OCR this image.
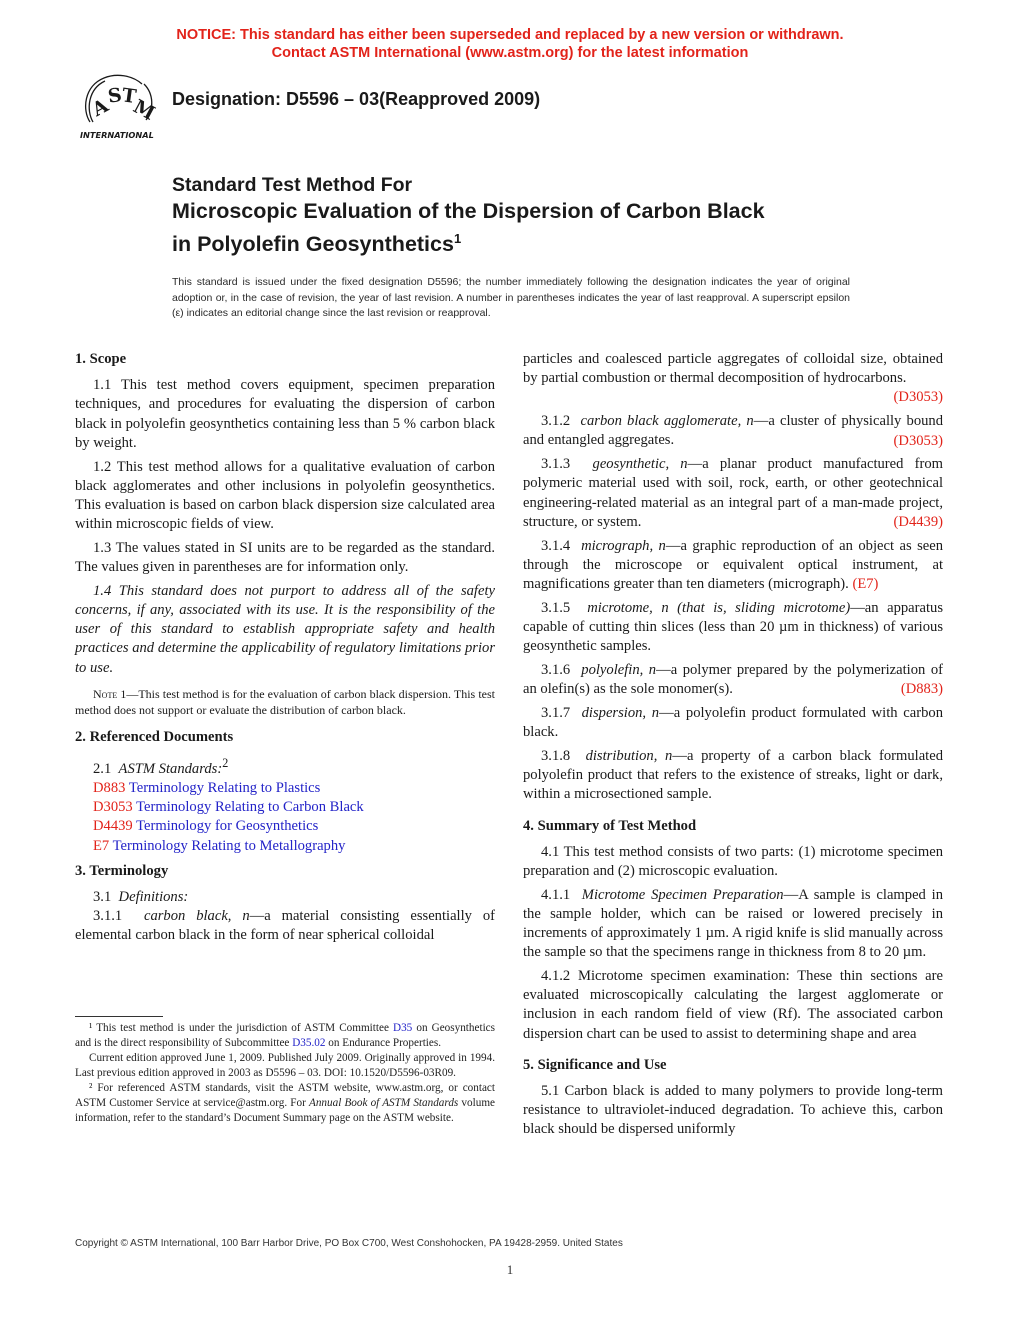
NOTICE: This standard has either been superseded and replaced by a new version or withdrawn.
Contact ASTM International (www.astm.org) for the latest information
A
S
T
M
INTERNATIONAL
Designation: D5596 – 03(Reapproved 2009)
Standard Test Method For
Microscopic Evaluation of the Dispersion of Carbon Black
in Polyolefin Geosynthetics$^1$
This standard is issued under the fixed designation D5596; the number immediately following the designation indicates the year of original adoption or, in the case of revision, the year of last revision. A number in parentheses indicates the year of last reapproval. A superscript epsilon (ε) indicates an editorial change since the last revision or reapproval.

1. Scope

1.1 This test method covers equipment, specimen preparation techniques, and procedures for evaluating the dispersion of carbon black in polyolefin geosynthetics containing less than 5 % carbon black by weight.

1.2 This test method allows for a qualitative evaluation of carbon black agglomerates and other inclusions in polyolefin geosynthetics. This evaluation is based on carbon black dispersion size calculated area within microscopic fields of view.

1.3 The values stated in SI units are to be regarded as the standard. The values given in parentheses are for information only.

1.4 This standard does not purport to address all of the safety concerns, if any, associated with its use. It is the responsibility of the user of this standard to establish appropriate safety and health practices and determine the applicability of regulatory limitations prior to use.

Note 1—This test method is for the evaluation of carbon black dispersion. This test method does not support or evaluate the distribution of carbon black.

2. Referenced Documents

2.1 ASTM Standards:$^2$

D883 Terminology Relating to Plastics

D3053 Terminology Relating to Carbon Black

D4439 Terminology for Geosynthetics

E7 Terminology Relating to Metallography

3. Terminology

3.1 Definitions:

3.1.1 carbon black, n—a material consisting essentially of elemental carbon black in the form of near spherical colloidal

¹ This test method is under the jurisdiction of ASTM Committee D35 on Geosynthetics and is the direct responsibility of Subcommittee D35.02 on Endurance Properties.

Current edition approved June 1, 2009. Published July 2009. Originally approved in 1994. Last previous edition approved in 2003 as D5596 – 03. DOI: 10.1520/D5596-03R09.

² For referenced ASTM standards, visit the ASTM website, www.astm.org, or contact ASTM Customer Service at service@astm.org. For Annual Book of ASTM Standards volume information, refer to the standard’s Document Summary page on the ASTM website.

particles and coalesced particle aggregates of colloidal size, obtained by partial combustion or thermal decomposition of hydrocarbons.
(D3053)

3.1.2 carbon black agglomerate, n—a cluster of physically bound and entangled aggregates.	(D3053)

3.1.3 geosynthetic, n—a planar product manufactured from polymeric material used with soil, rock, earth, or other geotechnical engineering-related material as an integral part of a man-made project, structure, or system.	(D4439)

3.1.4 micrograph, n—a graphic reproduction of an object as seen through the microscope or equivalent optical instrument, at magnifications greater than ten diameters (micrograph). (E7)

3.1.5 microtome, n (that is, sliding microtome)—an apparatus capable of cutting thin slices (less than 20 µm in thickness) of various geosynthetic samples.

3.1.6 polyolefin, n—a polymer prepared by the polymerization of an olefin(s) as the sole monomer(s).	(D883)

3.1.7 dispersion, n—a polyolefin product formulated with carbon black.

3.1.8 distribution, n—a property of a carbon black formulated polyolefin product that refers to the existence of streaks, light or dark, within a microsectioned sample.

4. Summary of Test Method

4.1 This test method consists of two parts: (1) microtome specimen preparation and (2) microscopic evaluation.

4.1.1 Microtome Specimen Preparation—A sample is clamped in the sample holder, which can be raised or lowered precisely in increments of approximately 1 µm. A rigid knife is slid manually across the sample so that the specimens range in thickness from 8 to 20 µm.

4.1.2 Microtome specimen examination: These thin sections are evaluated microscopically calculating the largest agglomerate or inclusion in each random field of view (Rf). The associated carbon dispersion chart can be used to assist to determining shape and area

5. Significance and Use

5.1 Carbon black is added to many polymers to provide long-term resistance to ultraviolet-induced degradation. To achieve this, carbon black should be dispersed uniformly

Copyright © ASTM International, 100 Barr Harbor Drive, PO Box C700, West Conshohocken, PA 19428-2959. United States
1
